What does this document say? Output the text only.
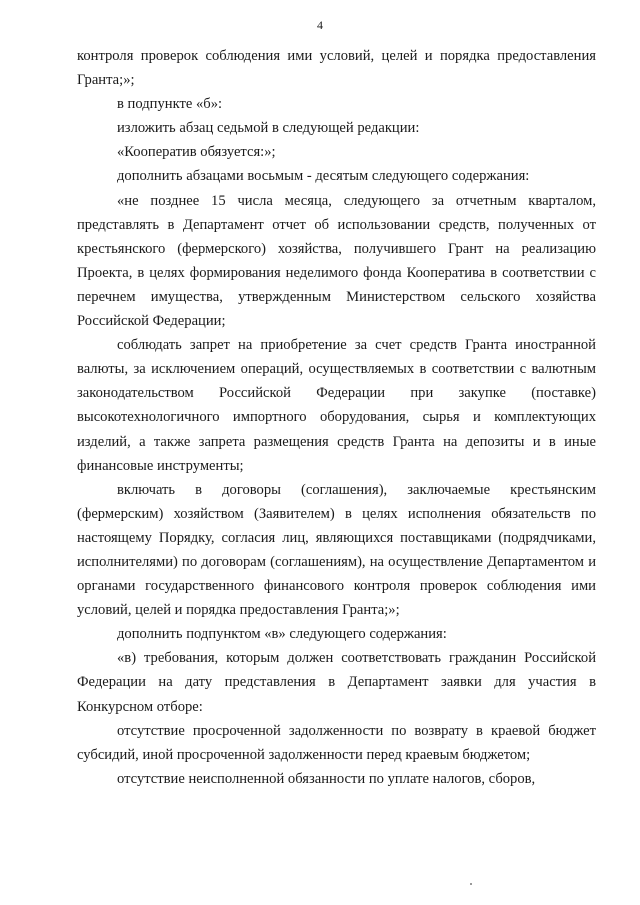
4

контроля проверок соблюдения ими условий, целей и порядка предоставления Гранта;»;

в подпункте «б»:

изложить абзац седьмой в следующей редакции:

«Кооператив обязуется:»;

дополнить абзацами восьмым - десятым следующего содержания:

«не позднее 15 числа месяца, следующего за отчетным кварталом, представлять в Департамент отчет об использовании средств, полученных от крестьянского (фермерского) хозяйства, получившего Грант на реализацию Проекта, в целях формирования неделимого фонда Кооператива в соответствии с перечнем имущества, утвержденным Министерством сельского хозяйства Российской Федерации;

соблюдать запрет на приобретение за счет средств Гранта иностранной валюты, за исключением операций, осуществляемых в соответствии с валютным законодательством Российской Федерации при закупке (поставке) высокотехнологичного импортного оборудования, сырья и комплектующих изделий, а также запрета размещения средств Гранта на депозиты и в иные финансовые инструменты;

включать в договоры (соглашения), заключаемые крестьянским (фермерским) хозяйством (Заявителем) в целях исполнения обязательств по настоящему Порядку, согласия лиц, являющихся поставщиками (подрядчиками, исполнителями) по договорам (соглашениям), на осуществление Департаментом и органами государственного финансового контроля проверок соблюдения ими условий, целей и порядка предоставления Гранта;»;

дополнить подпунктом «в» следующего содержания:

«в) требования, которым должен соответствовать гражданин Российской Федерации на дату представления в Департамент заявки для участия в Конкурсном отборе:

отсутствие просроченной задолженности по возврату в краевой бюджет субсидий, иной просроченной задолженности перед краевым бюджетом;

отсутствие неисполненной обязанности по уплате налогов, сборов,
